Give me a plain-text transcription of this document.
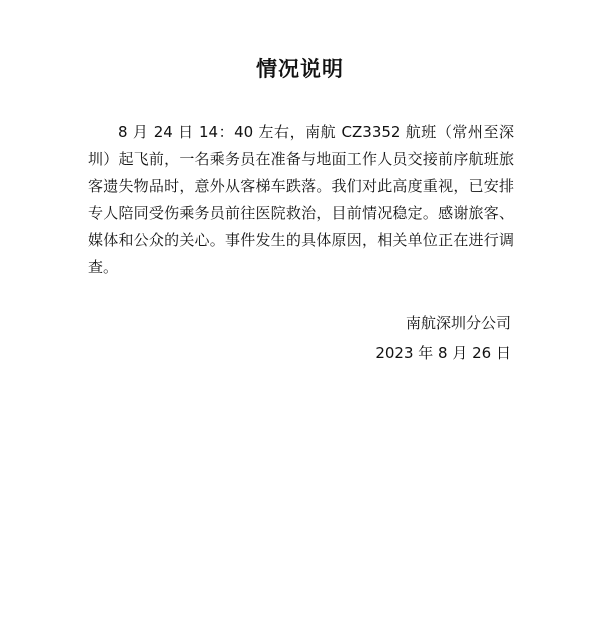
情况说明

8 月 24 日 14：40 左右，南航 CZ3352 航班（常州至深圳）起飞前，一名乘务员在准备与地面工作人员交接前序航班旅客遗失物品时，意外从客梯车跌落。我们对此高度重视，已安排专人陪同受伤乘务员前往医院救治，目前情况稳定。感谢旅客、媒体和公众的关心。事件发生的具体原因，相关单位正在进行调查。

南航深圳分公司
2023 年 8 月 26 日
